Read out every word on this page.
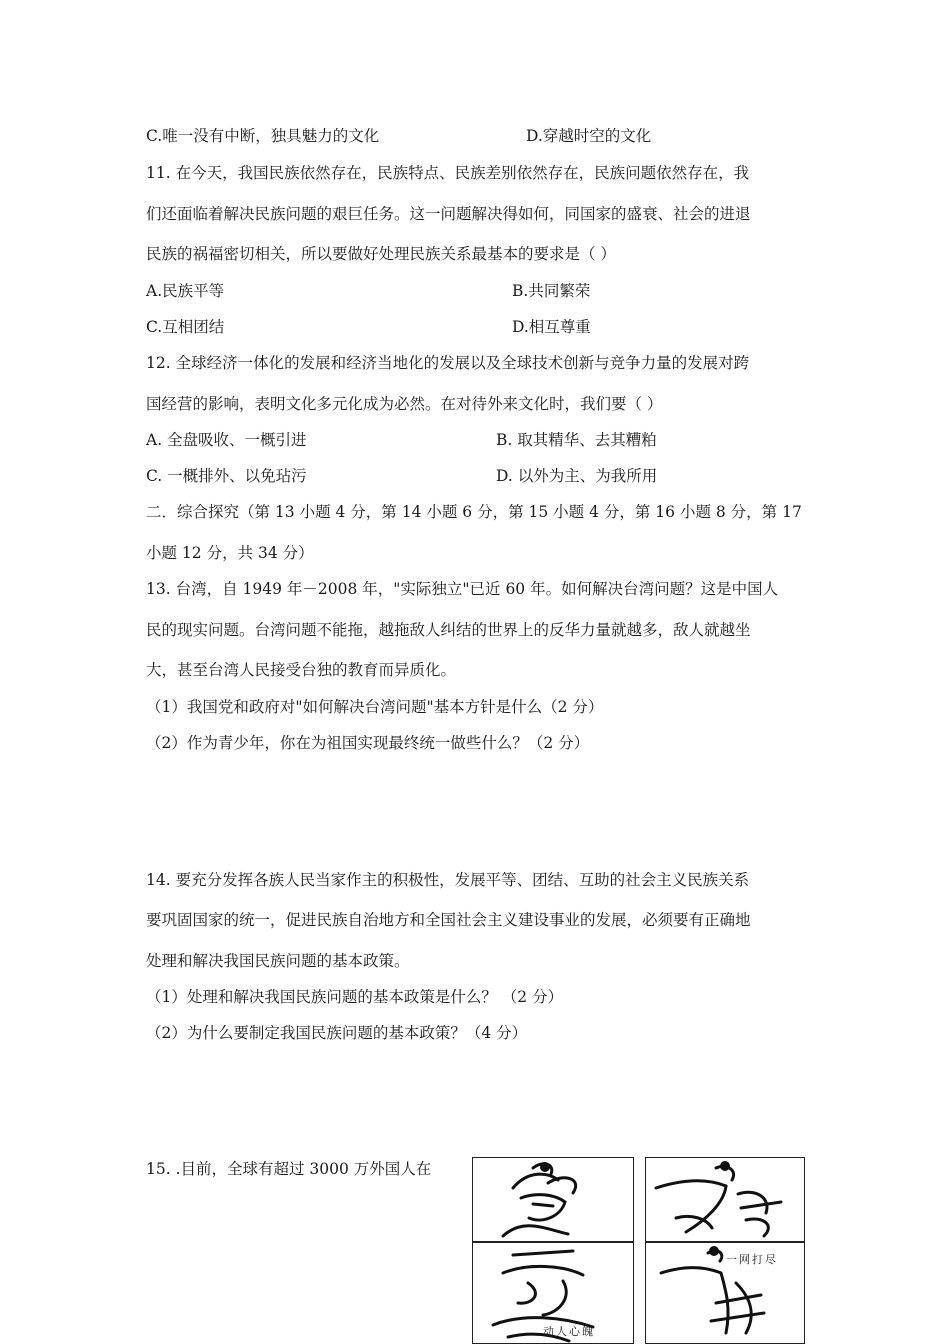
C.唯一没有中断，独具魅力的文化	D.穿越时空的文化
11. 在今天，我国民族依然存在，民族特点、民族差别依然存在，民族问题依然存在，我
们还面临着解决民族问题的艰巨任务。这一问题解决得如何，同国家的盛衰、社会的进退
民族的祸福密切相关，所以要做好处理民族关系最基本的要求是（ ）
A.民族平等	B.共同繁荣
C.互相团结	D.相互尊重
12. 全球经济一体化的发展和经济当地化的发展以及全球技术创新与竞争力量的发展对跨
国经营的影响，表明文化多元化成为必然。在对待外来文化时，我们要（ ）
A. 全盘吸收、一概引进	B. 取其精华、去其糟粕
C. 一概排外、以免玷污	D. 以外为主、为我所用
二．综合探究（第 13 小题 4 分，第 14 小题 6 分，第 15 小题 4 分，第 16 小题 8 分，第 17
小题 12 分，共 34 分）
13. 台湾，自 1949 年－2008 年，"实际独立"已近 60 年。如何解决台湾问题？这是中国人
民的现实问题。台湾问题不能拖，越拖敌人纠结的世界上的反华力量就越多，敌人就越坐
大，甚至台湾人民接受台独的教育而异质化。
（1）我国党和政府对"如何解决台湾问题"基本方针是什么（2 分）
（2）作为青少年，你在为祖国实现最终统一做些什么？（2 分）
14. 要充分发挥各族人民当家作主的积极性，发展平等、团结、互助的社会主义民族关系
要巩固国家的统一，促进民族自治地方和全国社会主义建设事业的发展，必须要有正确地
处理和解决我国民族问题的基本政策。
（1）处理和解决我国民族问题的基本政策是什么？ （2 分）
（2）为什么要制定我国民族问题的基本政策？（4 分）
15. .目前，全球有超过 3000 万外国人在
动人心魄
一网打尽
